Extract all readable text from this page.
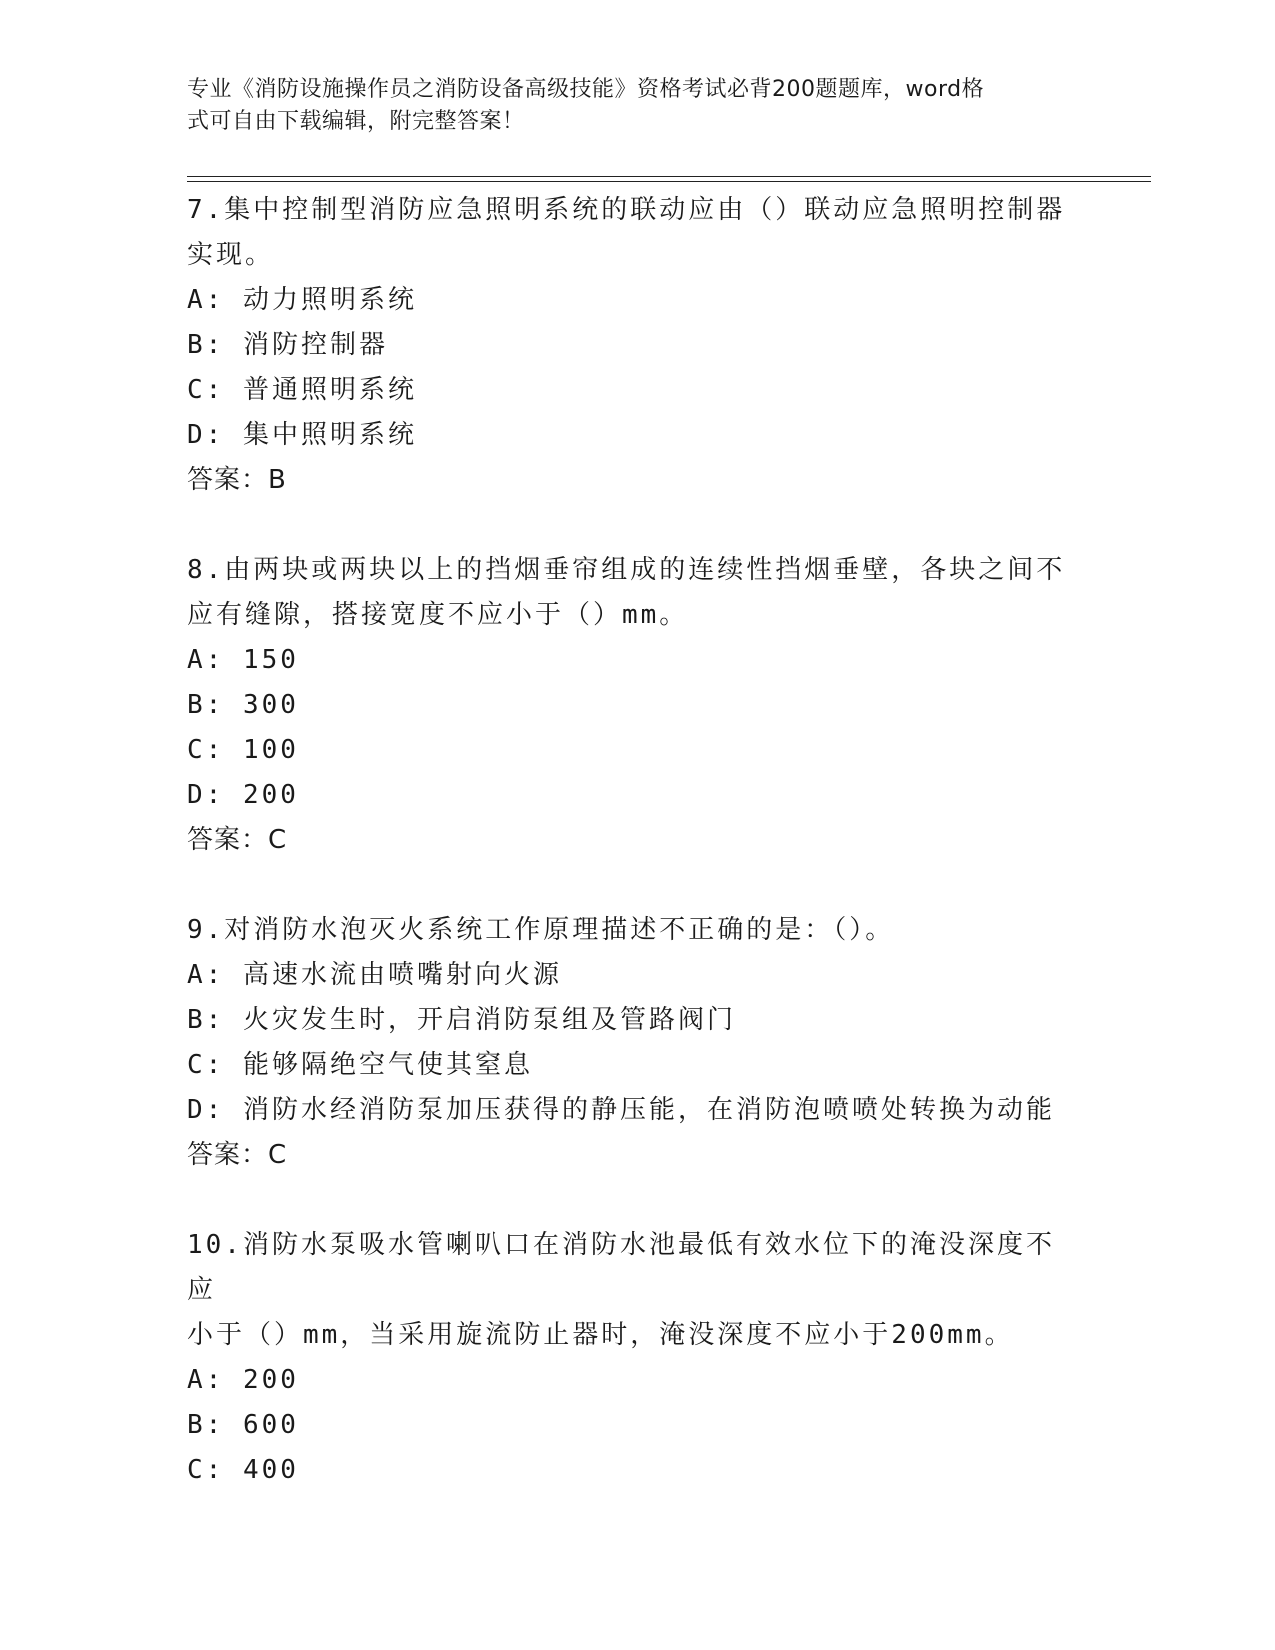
专业《消防设施操作员之消防设备高级技能》资格考试必背200题题库，word格
式可自由下载编辑，附完整答案！
7.集中控制型消防应急照明系统的联动应由（）联动应急照明控制器
实现。
A: 动力照明系统
B: 消防控制器
C: 普通照明系统
D: 集中照明系统
答案：B
8.由两块或两块以上的挡烟垂帘组成的连续性挡烟垂壁，各块之间不
应有缝隙，搭接宽度不应小于（）mm。
A: 150
B: 300
C: 100
D: 200
答案：C
9.对消防水泡灭火系统工作原理描述不正确的是：（）。
A: 高速水流由喷嘴射向火源
B: 火灾发生时，开启消防泵组及管路阀门
C: 能够隔绝空气使其窒息
D: 消防水经消防泵加压获得的静压能，在消防泡喷喷处转换为动能
答案：C
10.消防水泵吸水管喇叭口在消防水池最低有效水位下的淹没深度不应
小于（）mm，当采用旋流防止器时，淹没深度不应小于200mm。
A: 200
B: 600
C: 400
